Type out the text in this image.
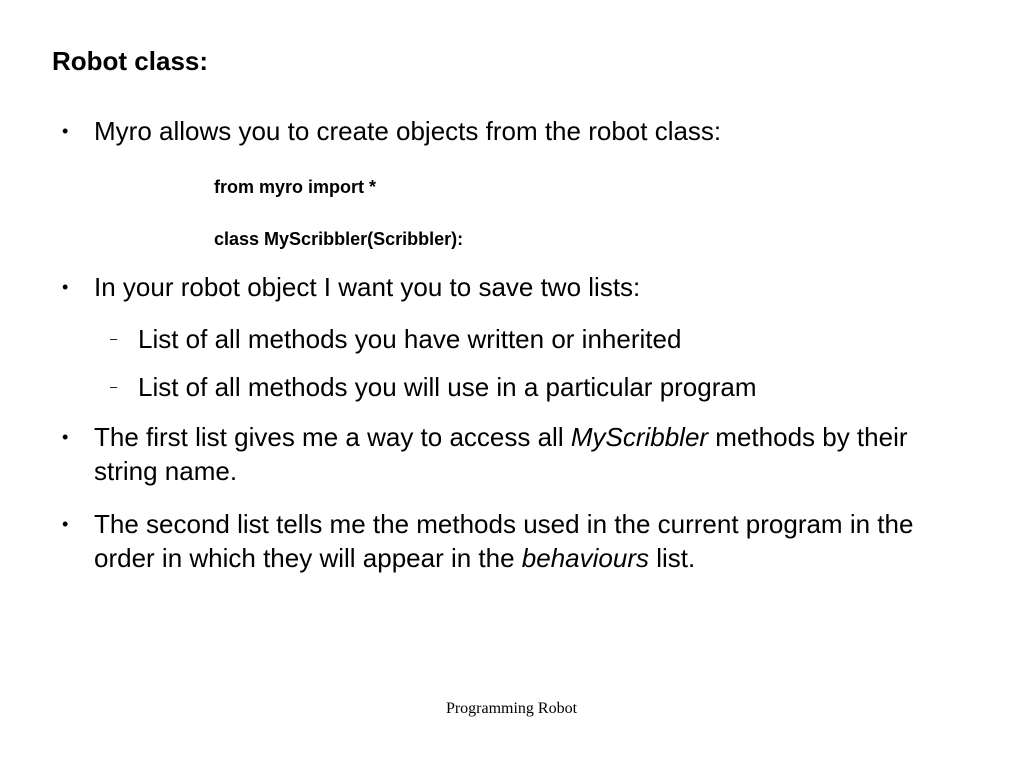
Robot class:
• Myro allows you to create objects from the robot class:
from myro import *
class MyScribbler(Scribbler):
• In your robot object I want you to save two lists:
– List of all methods you have written or inherited
– List of all methods you will use in a particular program
• The first list gives me a way to access all MyScribbler methods by their string name.
• The second list tells me the methods used in the current program in the order in which they will appear in the behaviours list.
Programming Robot
